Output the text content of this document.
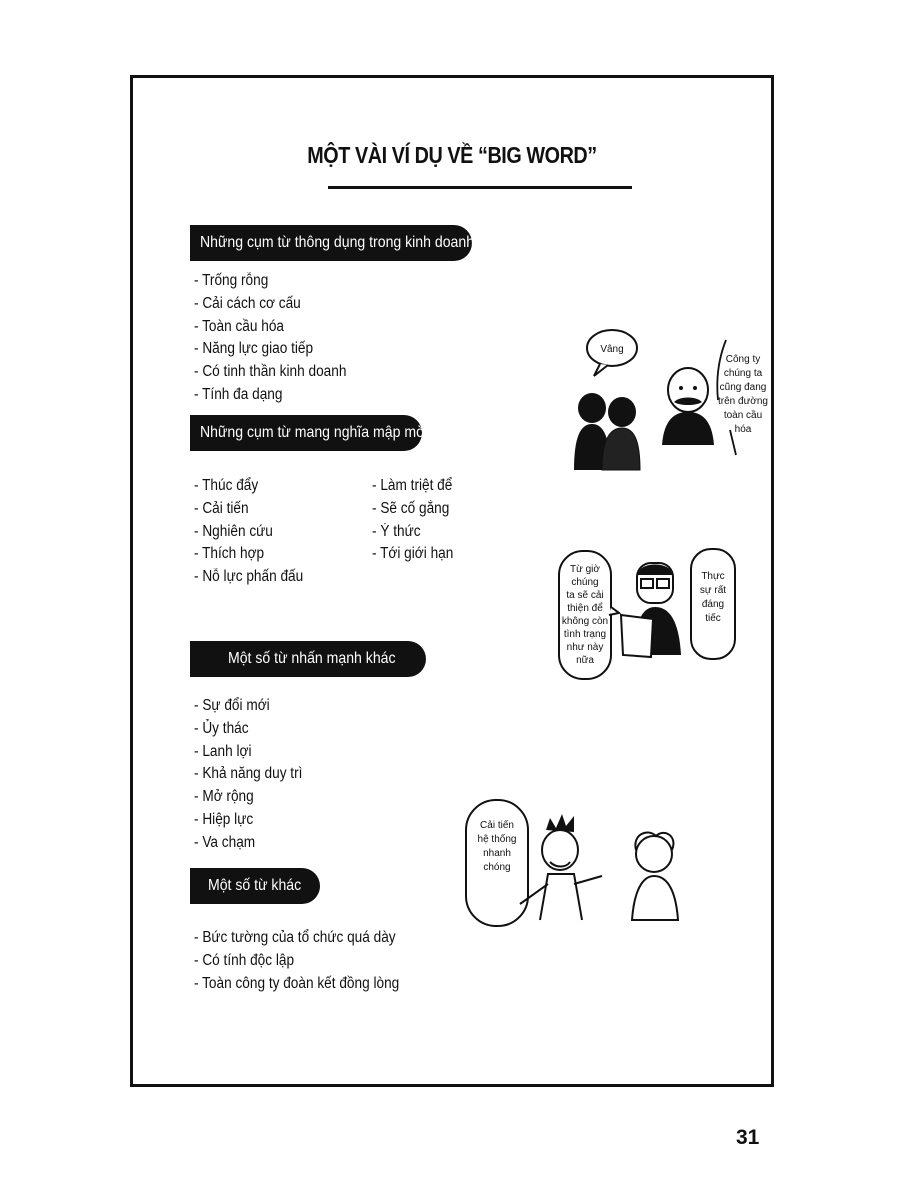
MỘT VÀI VÍ DỤ VỀ “BIG WORD”
Những cụm từ thông dụng trong kinh doanh
- Trống rỗng
- Cải cách cơ cấu
- Toàn cầu hóa
- Năng lực giao tiếp
- Có tinh thần kinh doanh
- Tính đa dạng
Những cụm từ mang nghĩa mập mờ
- Thúc đẩy
- Cải tiến
- Nghiên cứu
- Thích hợp
- Nỗ lực phấn đấu
- Làm triệt để
- Sẽ cố gắng
- Ý thức
- Tới giới hạn
Một số từ nhấn mạnh khác
- Sự đổi mới
- Ủy thác
- Lanh lợi
- Khả năng duy trì
- Mở rộng
- Hiệp lực
- Va chạm
Một số từ khác
- Bức tường của tổ chức quá dày
- Có tính độc lập
- Toàn công ty đoàn kết đồng lòng
Vâng
Công ty
chúng ta
cũng đang
trên đường
toàn cầu
hóa
Từ giờ
chúng
ta sẽ cải
thiện để
không còn
tình trạng
như này
nữa
Thực
sự rất
đáng
tiếc
Cải tiến
hệ thống
nhanh
chóng
31
